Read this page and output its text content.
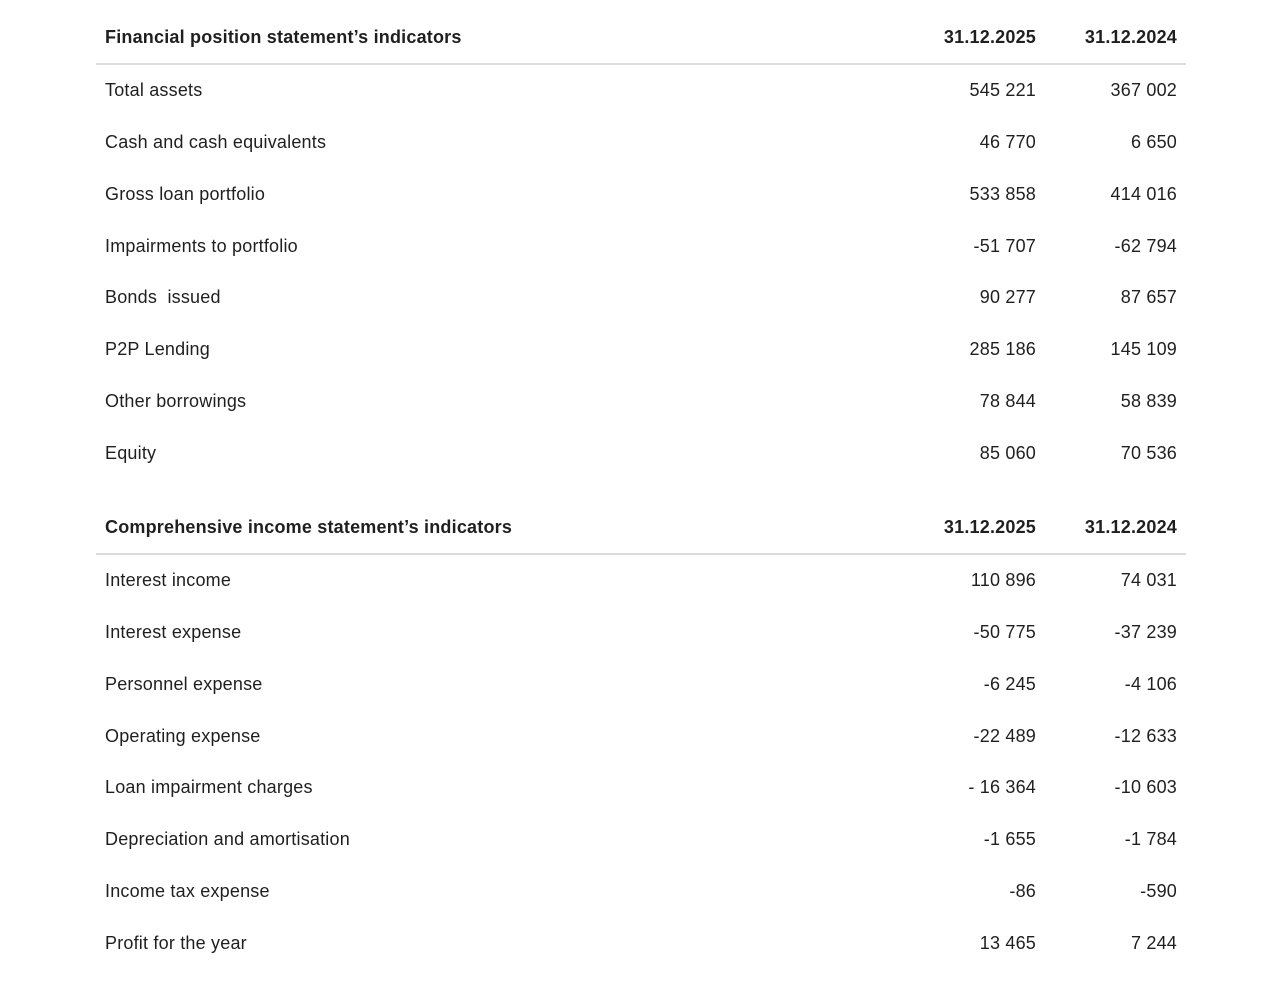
Financial position statement’s indicators	31.12.2025	31.12.2024
Total assets	545 221	367 002
Cash and cash equivalents	46 770	6 650
Gross loan portfolio	533 858	414 016
Impairments to portfolio	-51 707	-62 794
Bonds  issued	90 277	87 657
P2P Lending	285 186	145 109
Other borrowings	78 844	58 839
Equity	85 060	70 536

Comprehensive income statement’s indicators	31.12.2025	31.12.2024
Interest income	110 896	74 031
Interest expense	-50 775	-37 239
Personnel expense	-6 245	-4 106
Operating expense	-22 489	-12 633
Loan impairment charges	- 16 364	-10 603
Depreciation and amortisation	-1 655	-1 784
Income tax expense	-86	-590
Profit for the year	13 465	7 244
